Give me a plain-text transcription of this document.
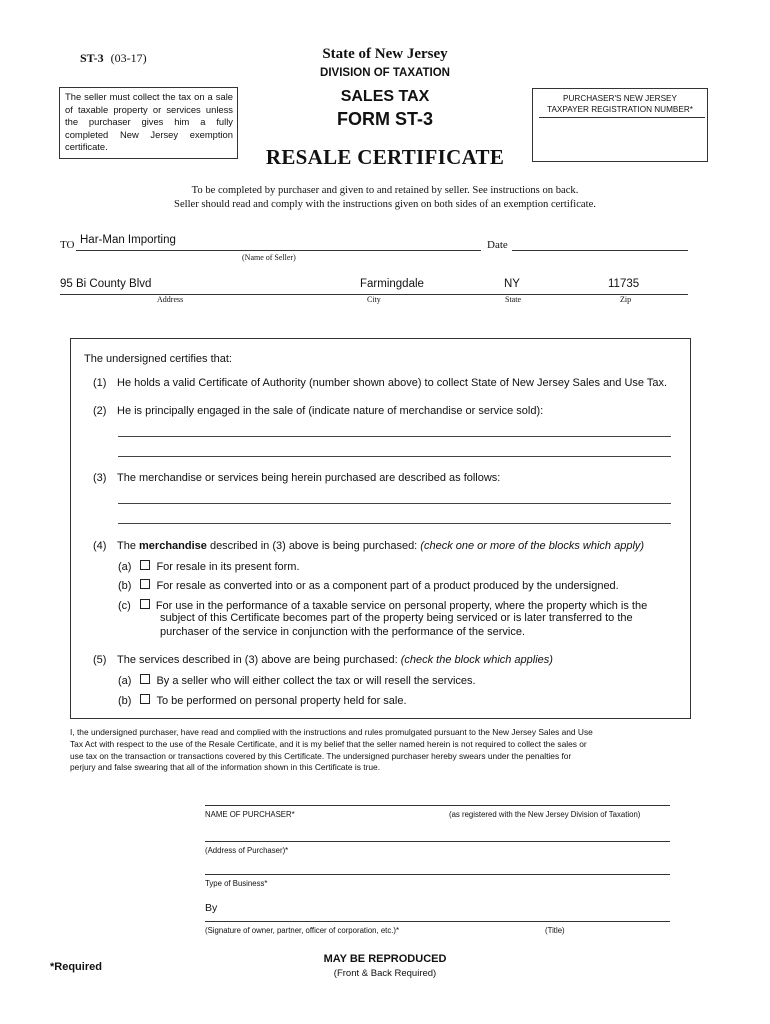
ST-3 (03-17)	State of New Jersey
DIVISION OF TAXATION
SALES TAX
FORM ST-3
RESALE CERTIFICATE
The seller must collect the tax on a sale of taxable property or services unless the purchaser gives him a fully completed New Jersey exemption certificate.
PURCHASER'S NEW JERSEY
TAXPAYER REGISTRATION NUMBER*
To be completed by purchaser and given to and retained by seller. See instructions on back.
Seller should read and comply with the instructions given on both sides of an exemption certificate.
TO Har-Man Importing
(Name of Seller)
Date
95 Bi County Blvd	Farmingdale	NY	11735
Address	City	State	Zip
The undersigned certifies that:
(1) He holds a valid Certificate of Authority (number shown above) to collect State of New Jersey Sales and Use Tax.
(2) He is principally engaged in the sale of (indicate nature of merchandise or service sold):
(3) The merchandise or services being herein purchased are described as follows:
(4) The merchandise described in (3) above is being purchased: (check one or more of the blocks which apply)
(a) For resale in its present form.
(b) For resale as converted into or as a component part of a product produced by the undersigned.
(c) For use in the performance of a taxable service on personal property, where the property which is the
subject of this Certificate becomes part of the property being serviced or is later transferred to the
purchaser of the service in conjunction with the performance of the service.
(5) The services described in (3) above are being purchased: (check the block which applies)
(a) By a seller who will either collect the tax or will resell the services.
(b) To be performed on personal property held for sale.
I, the undersigned purchaser, have read and complied with the instructions and rules promulgated pursuant to the New Jersey Sales and Use
Tax Act with respect to the use of the Resale Certificate, and it is my belief that the seller named herein is not required to collect the sales or
use tax on the transaction or transactions covered by this Certificate. The undersigned purchaser hereby swears under the penalties for
perjury and false swearing that all of the information shown in this Certificate is true.
NAME OF PURCHASER*	(as registered with the New Jersey Division of Taxation)
(Address of Purchaser)*
Type of Business*
By
(Signature of owner, partner, officer of corporation, etc.)*	(Title)
*Required
MAY BE REPRODUCED
(Front & Back Required)
